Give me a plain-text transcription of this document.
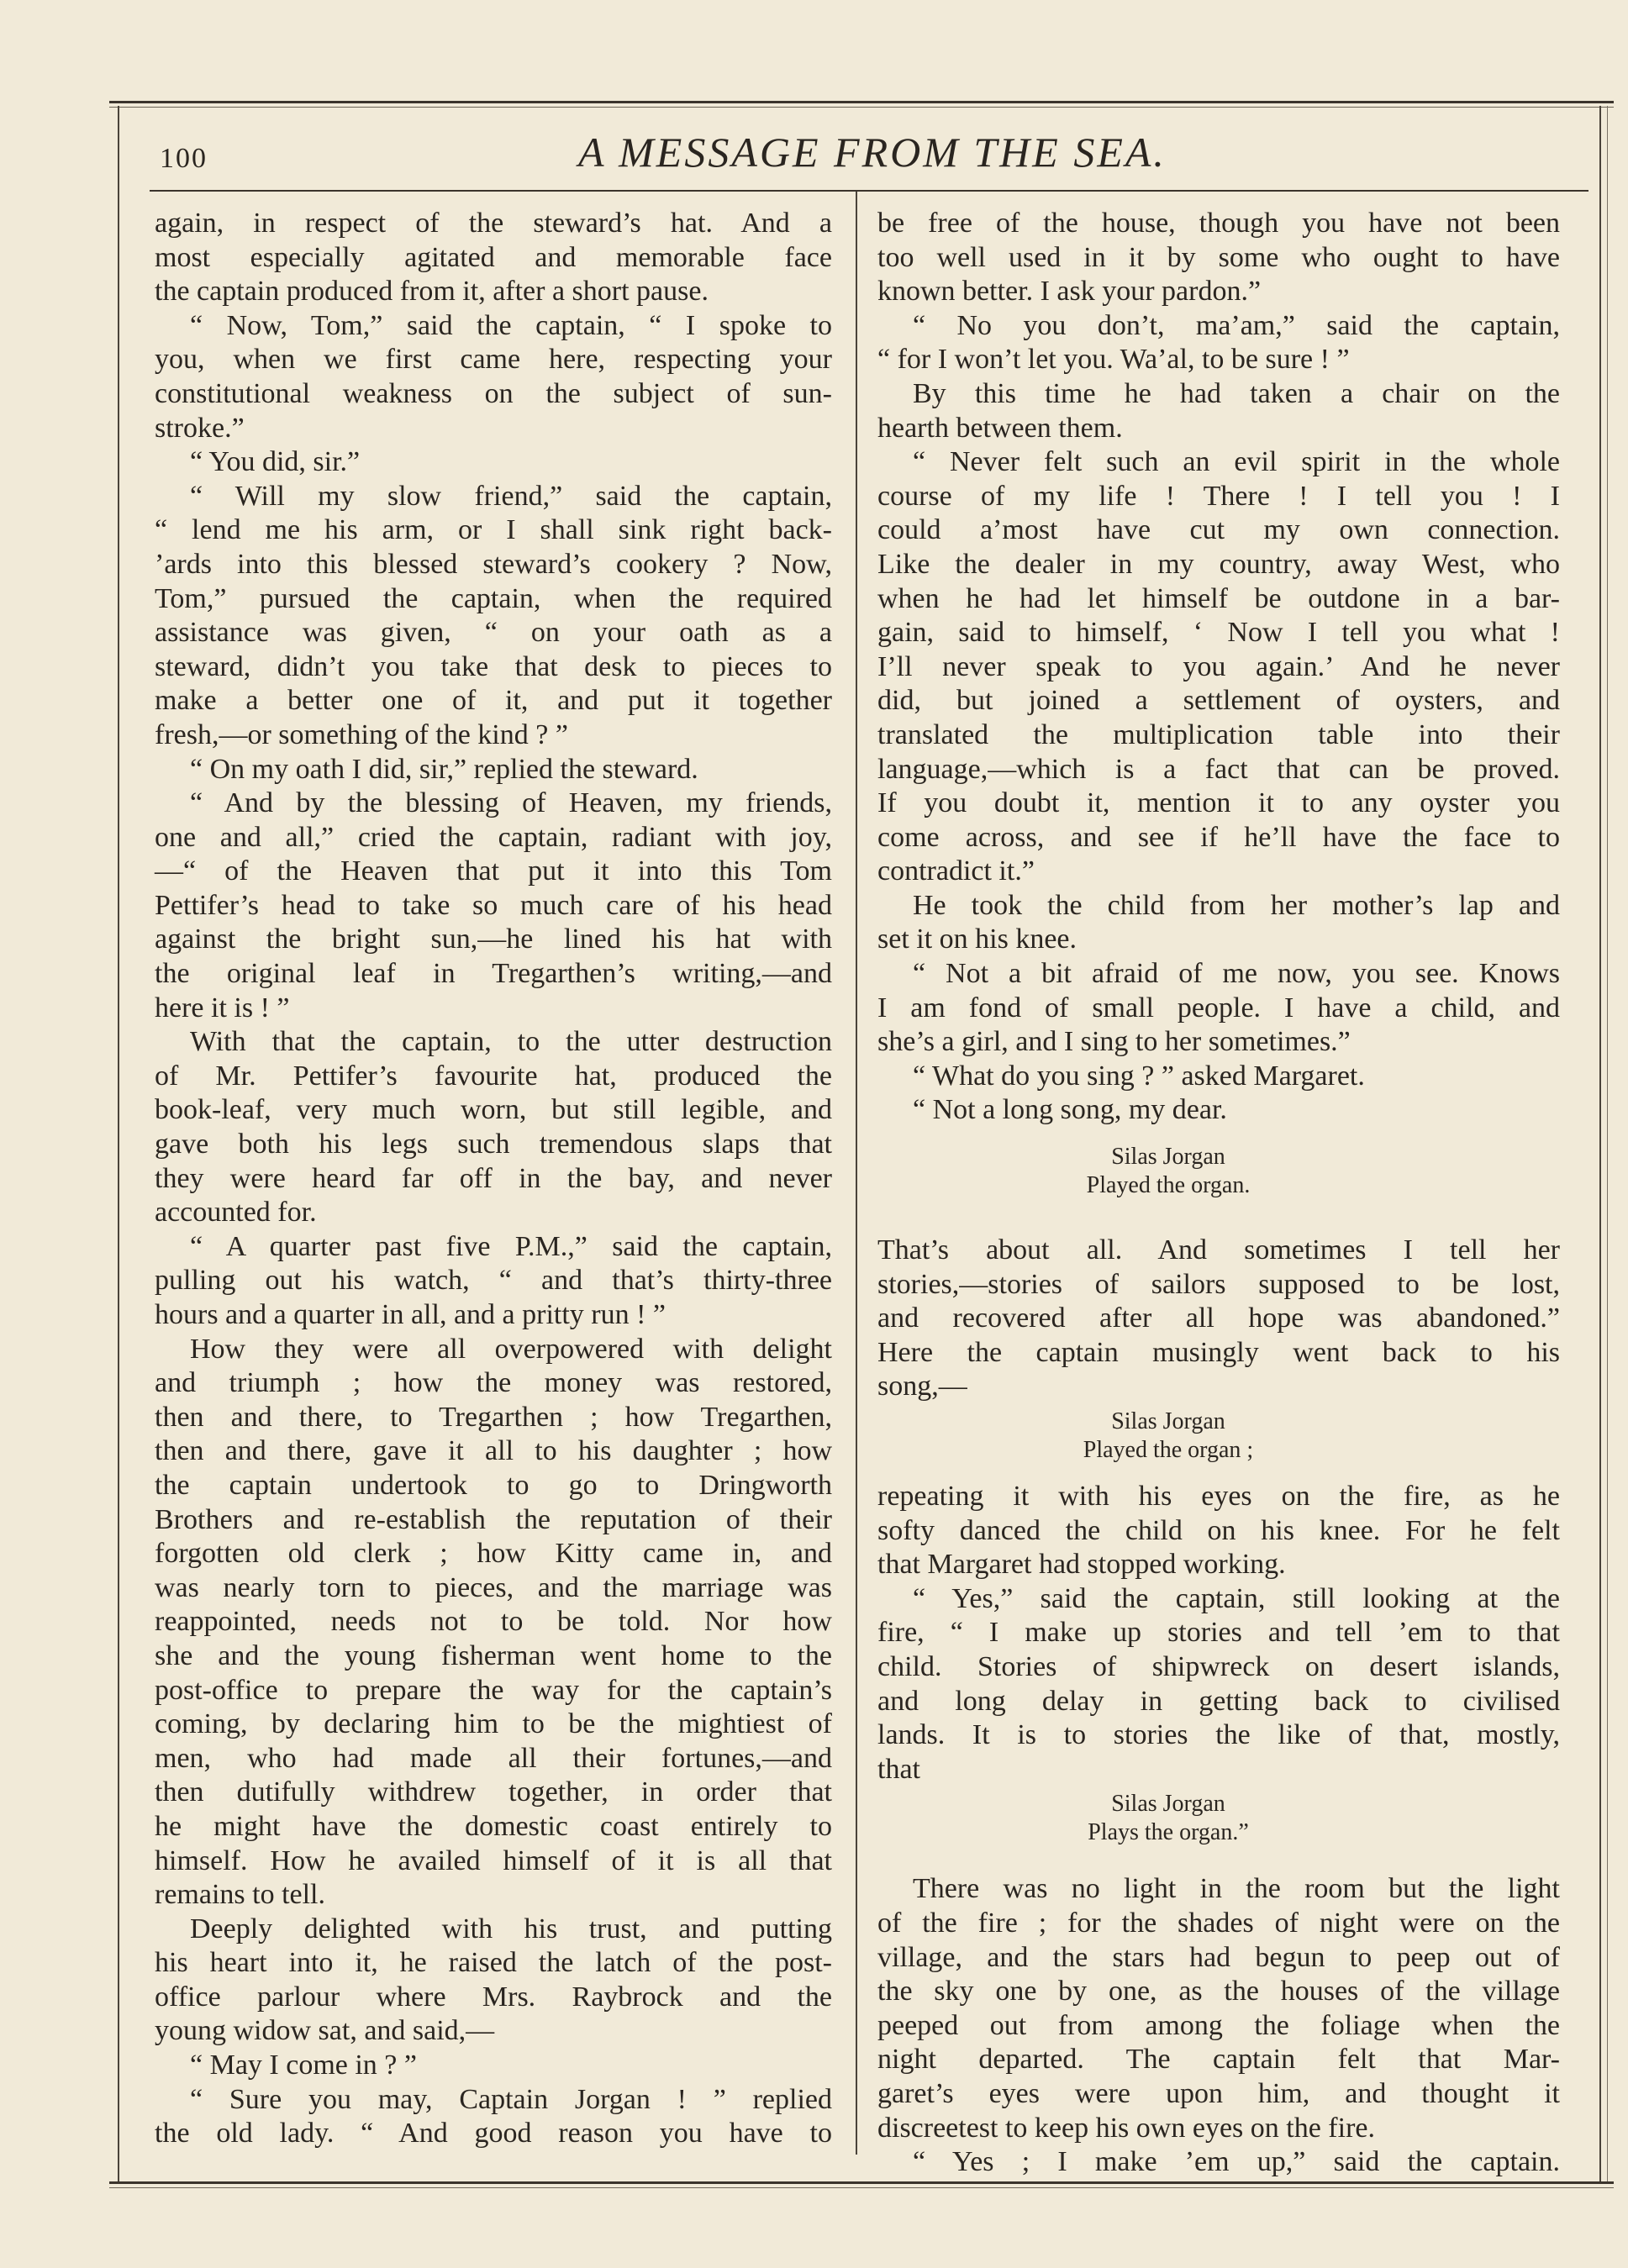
100	A MESSAGE FROM THE SEA.
again, in respect of the steward’s hat. And a
most especially agitated and memorable face
the captain produced from it, after a short pause.
“ Now, Tom,” said the captain, “ I spoke to
you, when we first came here, respecting your
constitutional weakness on the subject of sun-
stroke.”
“ You did, sir.”
“ Will my slow friend,” said the captain,
“ lend me his arm, or I shall sink right back-
’ards into this blessed steward’s cookery ? Now,
Tom,” pursued the captain, when the required
assistance was given, “ on your oath as a
steward, didn’t you take that desk to pieces to
make a better one of it, and put it together
fresh,—or something of the kind ? ”
“ On my oath I did, sir,” replied the steward.
“ And by the blessing of Heaven, my friends,
one and all,” cried the captain, radiant with joy,
—“ of the Heaven that put it into this Tom
Pettifer’s head to take so much care of his head
against the bright sun,—he lined his hat with
the original leaf in Tregarthen’s writing,—and
here it is ! ”
With that the captain, to the utter destruction
of Mr. Pettifer’s favourite hat, produced the
book-leaf, very much worn, but still legible, and
gave both his legs such tremendous slaps that
they were heard far off in the bay, and never
accounted for.
“ A quarter past five P.M.,” said the captain,
pulling out his watch, “ and that’s thirty-three
hours and a quarter in all, and a pritty run ! ”
How they were all overpowered with delight
and triumph ; how the money was restored,
then and there, to Tregarthen ; how Tregarthen,
then and there, gave it all to his daughter ; how
the captain undertook to go to Dringworth
Brothers and re-establish the reputation of their
forgotten old clerk ; how Kitty came in, and
was nearly torn to pieces, and the marriage was
reappointed, needs not to be told. Nor how
she and the young fisherman went home to the
post-office to prepare the way for the captain’s
coming, by declaring him to be the mightiest of
men, who had made all their fortunes,—and
then dutifully withdrew together, in order that
he might have the domestic coast entirely to
himself. How he availed himself of it is all that
remains to tell.
Deeply delighted with his trust, and putting
his heart into it, he raised the latch of the post-
office parlour where Mrs. Raybrock and the
young widow sat, and said,—
“ May I come in ? ”
“ Sure you may, Captain Jorgan ! ” replied
the old lady. “ And good reason you have to
be free of the house, though you have not been
too well used in it by some who ought to have
known better. I ask your pardon.”
“ No you don’t, ma’am,” said the captain,
“ for I won’t let you. Wa’al, to be sure ! ”
By this time he had taken a chair on the
hearth between them.
“ Never felt such an evil spirit in the whole
course of my life ! There ! I tell you ! I
could a’most have cut my own connection.
Like the dealer in my country, away West, who
when he had let himself be outdone in a bar-
gain, said to himself, ‘ Now I tell you what !
I’ll never speak to you again.’ And he never
did, but joined a settlement of oysters, and
translated the multiplication table into their
language,—which is a fact that can be proved.
If you doubt it, mention it to any oyster you
come across, and see if he’ll have the face to
contradict it.”
He took the child from her mother’s lap and
set it on his knee.
“ Not a bit afraid of me now, you see. Knows
I am fond of small people. I have a child, and
she’s a girl, and I sing to her sometimes.”
“ What do you sing ? ” asked Margaret.
“ Not a long song, my dear.
Silas Jorgan
Played the organ.
That’s about all. And sometimes I tell her
stories,—stories of sailors supposed to be lost,
and recovered after all hope was abandoned.”
Here the captain musingly went back to his
song,—
Silas Jorgan
Played the organ ;
repeating it with his eyes on the fire, as he
softy danced the child on his knee. For he felt
that Margaret had stopped working.
“ Yes,” said the captain, still looking at the
fire, “ I make up stories and tell ’em to that
child. Stories of shipwreck on desert islands,
and long delay in getting back to civilised
lands. It is to stories the like of that, mostly,
that
Silas Jorgan
Plays the organ.”
There was no light in the room but the light
of the fire ; for the shades of night were on the
village, and the stars had begun to peep out of
the sky one by one, as the houses of the village
peeped out from among the foliage when the
night departed. The captain felt that Mar-
garet’s eyes were upon him, and thought it
discreetest to keep his own eyes on the fire.
“ Yes ; I make ’em up,” said the captain.
